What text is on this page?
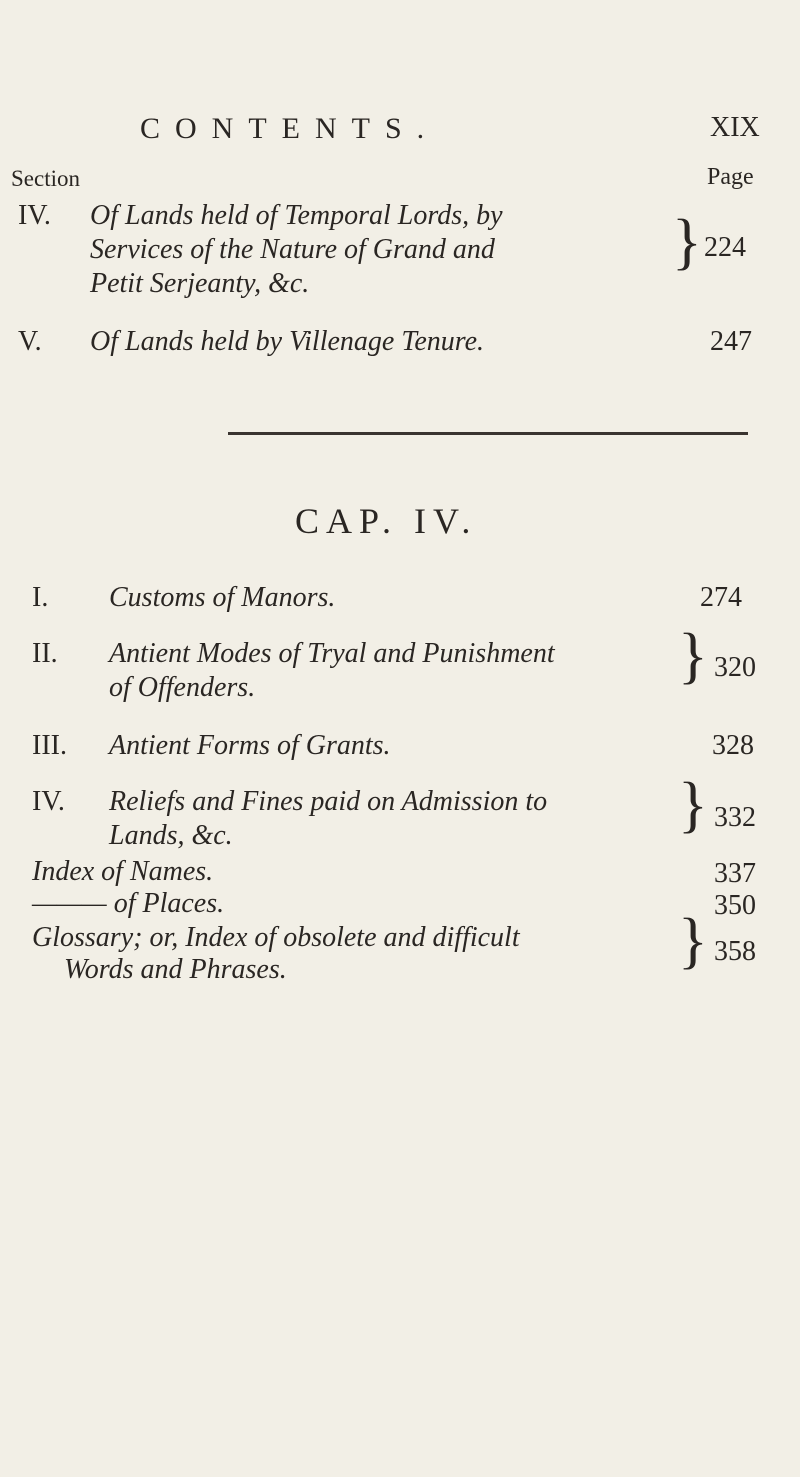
CONTENTS.	XIX
Section	Page
IV. Of Lands held of Temporal Lords, by
Services of the Nature of Grand and
Petit Serjeanty, &c.
} 224
V. Of Lands held by Villenage Tenure.	247
CAP. IV.
I. Customs of Manors.	274
II. Antient Modes of Tryal and Punishment
of Offenders.	} 320
III. Antient Forms of Grants.	328
IV. Reliefs and Fines paid on Admission to
Lands, &c.	} 332
Index of Names.	337
——— of Places.	350
Glossary; or, Index of obsolete and difficult
Words and Phrases.	} 358
